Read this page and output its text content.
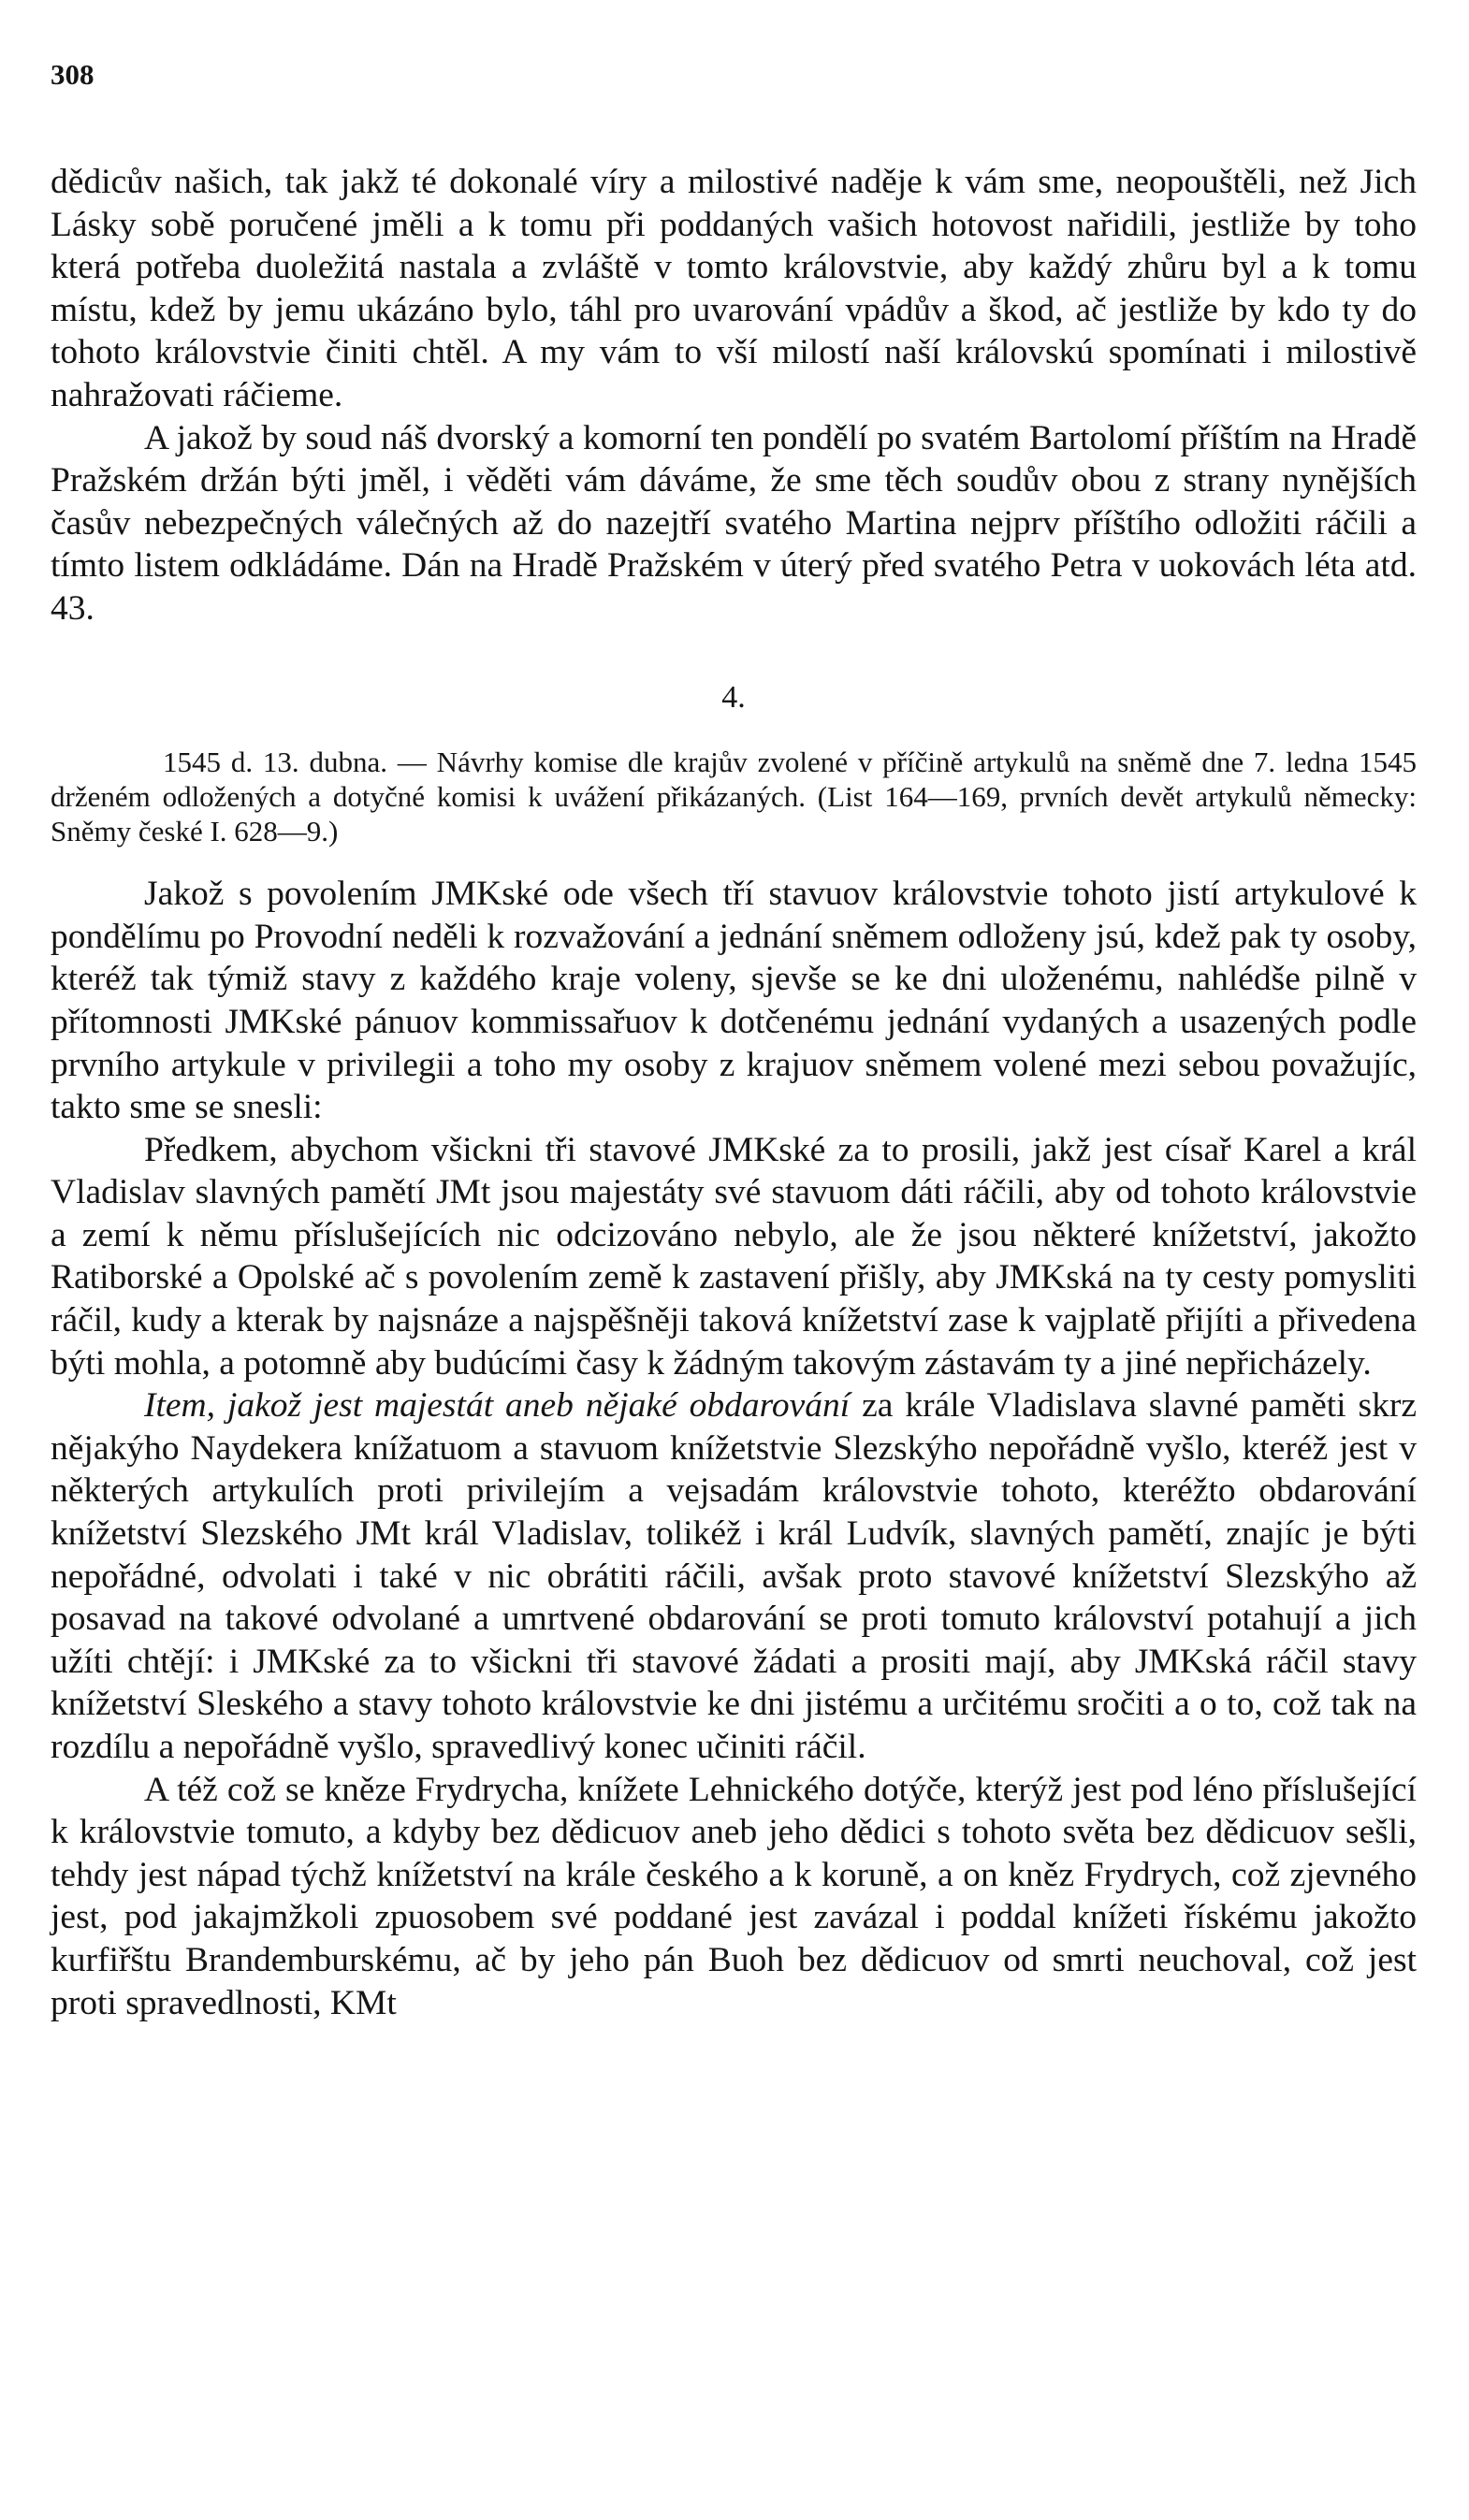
308

dědicův našich, tak jakž té dokonalé víry a milostivé naděje k vám sme, neopouštěli, než Jich Lásky sobě poručené jměli a k tomu při poddaných vašich hotovost nařidili, jestliže by toho která potřeba duoležitá nastala a zvláště v tomto královstvie, aby každý zhůru byl a k tomu místu, kdež by jemu ukázáno bylo, táhl pro uvarování vpádův a škod, ač jestliže by kdo ty do tohoto královstvie činiti chtěl. A my vám to vší milostí naší královskú spomínati i milostivě nahražovati ráčieme.

A jakož by soud náš dvorský a komorní ten pondělí po svatém Bartolomí příštím na Hradě Pražském držán býti jměl, i věděti vám dáváme, že sme těch soudův obou z strany nynějších časův nebezpečných válečných až do nazejtří svatého Martina nejprv příštího odložiti ráčili a tímto listem odkládáme. Dán na Hradě Pražském v úterý před svatého Petra v uokovách léta atd. 43.

4.
1545 d. 13. dubna. — Návrhy komise dle krajův zvolené v příčině artykulů na sněmě dne 7. ledna 1545 drženém odložených a dotyčné komisi k uvážení přikázaných. (List 164—169, prvních devět artykulů německy: Sněmy české I. 628—9.)

Jakož s povolením JMKské ode všech tří stavuov královstvie tohoto jistí artykulové k pondělímu po Provodní neděli k rozvažování a jednání sněmem odloženy jsú, kdež pak ty osoby, kteréž tak týmiž stavy z každého kraje voleny, sjevše se ke dni uloženému, nahlédše pilně v přítomnosti JMKské pánuov kommissařuov k dotčenému jednání vydaných a usazených podle prvního artykule v privilegii a toho my osoby z krajuov sněmem volené mezi sebou považujíc, takto sme se snesli:

Předkem, abychom všickni tři stavové JMKské za to prosili, jakž jest císař Karel a král Vladislav slavných pamětí JMt jsou majestáty své stavuom dáti ráčili, aby od tohoto královstvie a zemí k němu příslušejících nic odcizováno nebylo, ale že jsou některé knížetství, jakožto Ratiborské a Opolské ač s povolením země k zastavení přišly, aby JMKská na ty cesty pomysliti ráčil, kudy a kterak by najsnáze a najspěšněji taková knížetství zase k vajplatě přijíti a přivedena býti mohla, a potomně aby budúcími časy k žádným takovým zástavám ty a jiné nepřicházely.

Item, jakož jest majestát aneb nějaké obdarování za krále Vladislava slavné paměti skrz nějakýho Naydekera knížatuom a stavuom knížetstvie Slezskýho nepořádně vyšlo, kteréž jest v některých artykulích proti privilejím a vejsadám královstvie tohoto, kteréžto obdarování knížetství Slezského JMt král Vladislav, tolikéž i král Ludvík, slavných pamětí, znajíc je býti nepořádné, odvolati i také v nic obrátiti ráčili, avšak proto stavové knížetství Slezskýho až posavad na takové odvolané a umrtvené obdarování se proti tomuto království potahují a jich užíti chtějí: i JMKské za to všickni tři stavové žádati a prositi mají, aby JMKská ráčil stavy knížetství Sleského a stavy tohoto královstvie ke dni jistému a určitému sročiti a o to, což tak na rozdílu a nepořádně vyšlo, spravedlivý konec učiniti ráčil.

A též což se kněze Frydrycha, knížete Lehnického dotýče, kterýž jest pod léno příslušející k královstvie tomuto, a kdyby bez dědicuov aneb jeho dědici s tohoto světa bez dědicuov sešli, tehdy jest nápad týchž knížetství na krále českého a k koruně, a on kněz Frydrych, což zjevného jest, pod jakajmžkoli zpuosobem své poddané jest zavázal i poddal knížeti řískému jakožto kurfiřštu Brandemburskému, ač by jeho pán Buoh bez dědicuov od smrti neuchoval, což jest proti spravedlnosti, KMt
